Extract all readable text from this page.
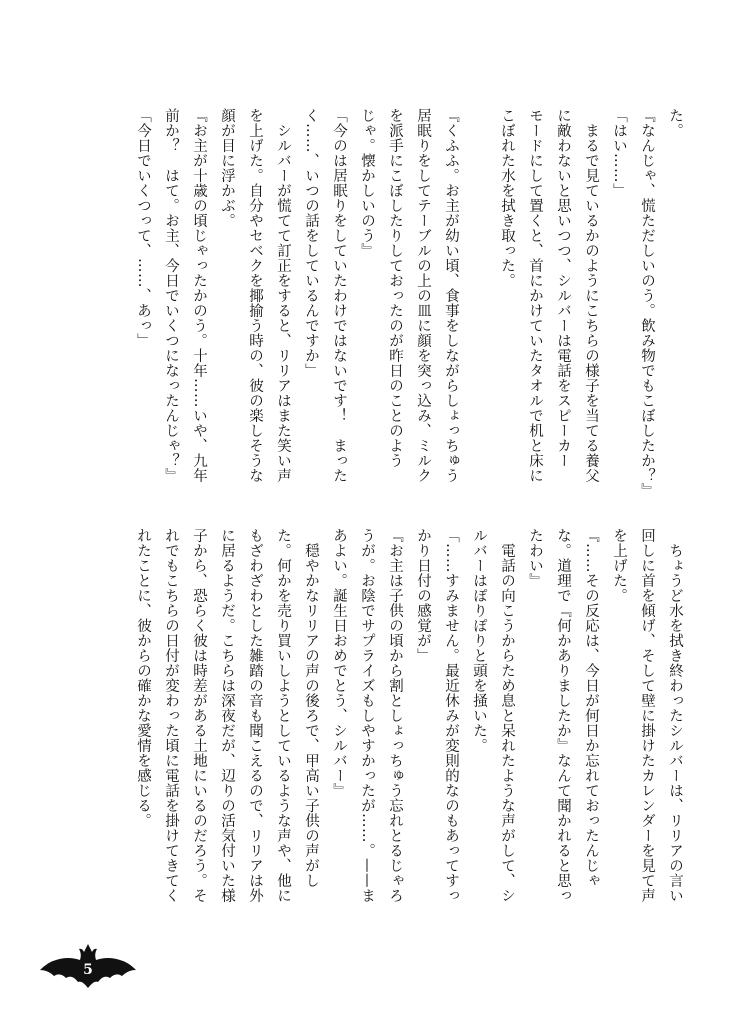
た。
『なんじゃ、慌ただしいのう。飲み物でもこぼしたか？』
「はい……」
　まるで見ているかのようにこちらの様子を当てる養父
に敵わないと思いつつ、シルバーは電話をスピーカー
モードにして置くと、首にかけていたタオルで机と床に
こぼれた水を拭き取った。

『くふふ。お主が幼い頃、食事をしながらしょっちゅう
居眠りをしてテーブルの上の皿に顔を突っ込み、ミルク
を派手にこぼしたりしておったのが昨日のことのよう
じゃ。懐かしいのう』
「今のは居眠りをしていたわけではないです！　まった
く……、いつの話をしているんですか」
　シルバーが慌てて訂正をすると、リリアはまた笑い声
を上げた。自分やセベクを揶揄う時の、彼の楽しそうな
顔が目に浮かぶ。
『お主が十歳の頃じゃったかのう。十年……いや、九年
前か？　はて。お主、今日でいくつになったんじゃ？』
「今日でいくつって、……、あっ」
　ちょうど水を拭き終わったシルバーは、リリアの言い
回しに首を傾げ、そして壁に掛けたカレンダーを見て声
を上げた。
『……その反応は、今日が何日か忘れておったんじゃ
な。道理で『何かありましたか』なんて聞かれると思っ
たわい』
　電話の向こうからため息と呆れたような声がして、シ
ルバーはぽりぽりと頭を掻いた。
「……すみません。最近休みが変則的なのもあってすっ
かり日付の感覚が」
『お主は子供の頃から割としょっちゅう忘れとるじゃろ
うが。お陰でサプライズもしやすかったが……。——ま
あよい。誕生日おめでとう、シルバー』
　穏やかなリリアの声の後ろで、甲高い子供の声がし
た。何かを売り買いしようとしているような声や、他に
もざわざわとした雑踏の音も聞こえるので、リリアは外
に居るようだ。こちらは深夜だが、辺りの活気付いた様
子から、恐らく彼は時差がある土地にいるのだろう。そ
れでもこちらの日付が変わった頃に電話を掛けてきてく
れたことに、彼からの確かな愛情を感じる。
5
